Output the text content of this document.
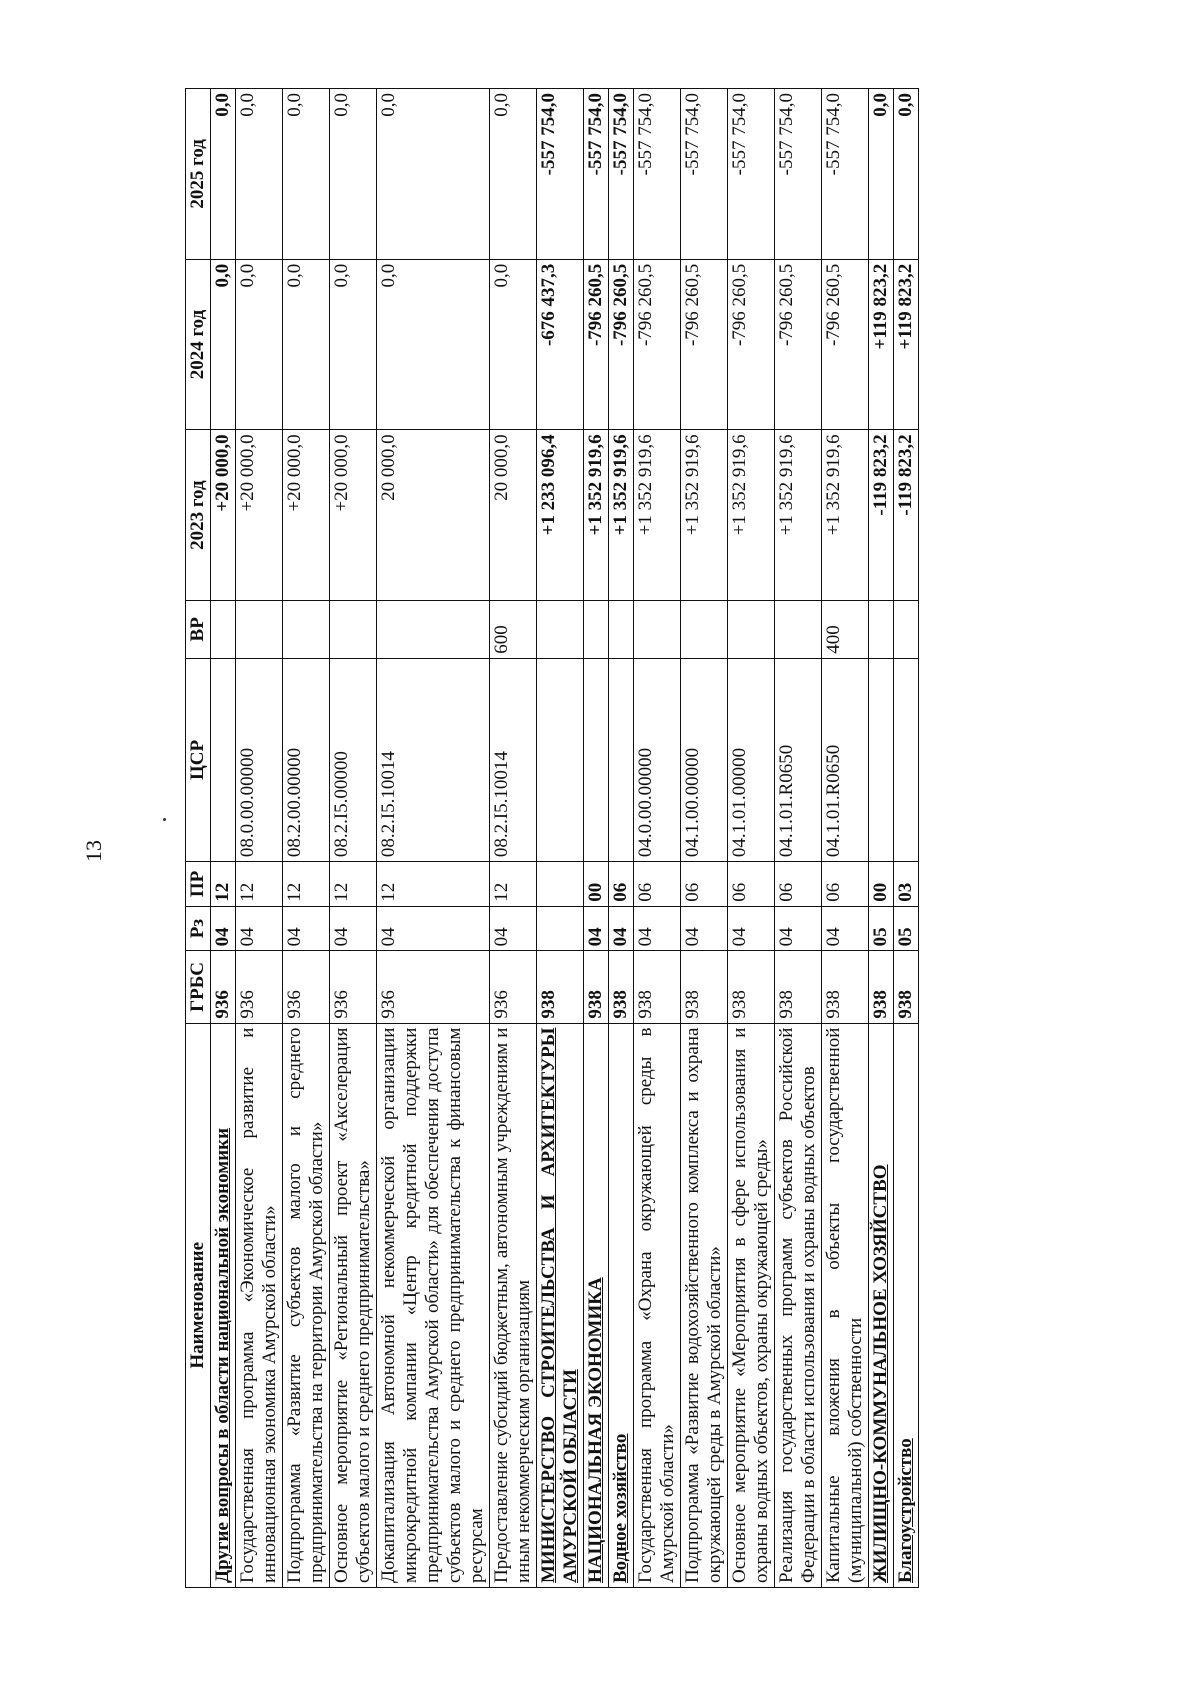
13
Наименование	ГРБС	Рз	ПР	ЦСР	ВР	2023 год	2024 год	2025 год
Другие вопросы в области национальной экономики	936	04	12			+20 000,0	0,0	0,0
Государственная программа «Экономическое развитие и инновационная экономика Амурской области»	936	04	12	08.0.00.00000		+20 000,0	0,0	0,0
Подпрограмма «Развитие субъектов малого и среднего предпринимательства на территории Амурской области»	936	04	12	08.2.00.00000		+20 000,0	0,0	0,0
Основное мероприятие «Региональный проект «Акселерация субъектов малого и среднего предпринимательства»	936	04	12	08.2.I5.00000		+20 000,0	0,0	0,0
Докапитализация Автономной некоммерческой организации микрокредитной компании «Центр кредитной поддержки предпринимательства Амурской области» для обеспечения доступа субъектов малого и среднего предпринимательства к финансовым ресурсам	936	04	12	08.2.I5.10014		20 000,0	0,0	0,0
Предоставление субсидий бюджетным, автономным учреждениям и иным некоммерческим организациям	936	04	12	08.2.I5.10014	600	20 000,0	0,0	0,0
МИНИСТЕРСТВО СТРОИТЕЛЬСТВА И АРХИТЕКТУРЫ АМУРСКОЙ ОБЛАСТИ	938					+1 233 096,4	-676 437,3	-557 754,0
НАЦИОНАЛЬНАЯ ЭКОНОМИКА	938	04	00			+1 352 919,6	-796 260,5	-557 754,0
Водное хозяйство	938	04	06			+1 352 919,6	-796 260,5	-557 754,0
Государственная программа «Охрана окружающей среды в Амурской области»	938	04	06	04.0.00.00000		+1 352 919,6	-796 260,5	-557 754,0
Подпрограмма «Развитие водохозяйственного комплекса и охрана окружающей среды в Амурской области»	938	04	06	04.1.00.00000		+1 352 919,6	-796 260,5	-557 754,0
Основное мероприятие «Мероприятия в сфере использования и охраны водных объектов, охраны окружающей среды»	938	04	06	04.1.01.00000		+1 352 919,6	-796 260,5	-557 754,0
Реализация государственных программ субъектов Российской Федерации в области использования и охраны водных объектов	938	04	06	04.1.01.R0650		+1 352 919,6	-796 260,5	-557 754,0
Капитальные вложения в объекты государственной (муниципальной) собственности	938	04	06	04.1.01.R0650	400	+1 352 919,6	-796 260,5	-557 754,0
ЖИЛИЩНО-КОММУНАЛЬНОЕ ХОЗЯЙСТВО	938	05	00			-119 823,2	+119 823,2	0,0
Благоустройство	938	05	03			-119 823,2	+119 823,2	0,0
